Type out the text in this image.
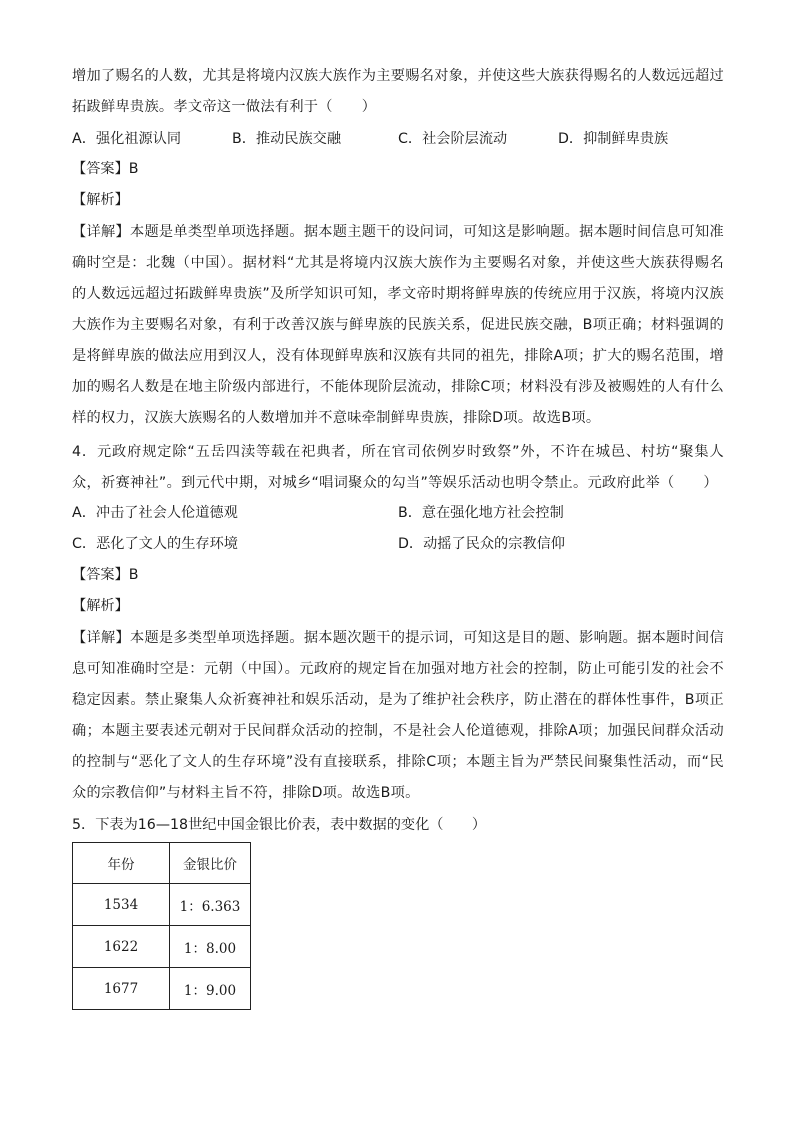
增加了赐名的人数，尤其是将境内汉族大族作为主要赐名对象，并使这些大族获得赐名的人数远远超过拓跋鲜卑贵族。孝文帝这一做法有利于（　　）

A．强化祖源认同	B．推动民族交融	C．社会阶层流动	D．抑制鲜卑贵族
【答案】B
【解析】

【详解】本题是单类型单项选择题。据本题主题干的设问词，可知这是影响题。据本题时间信息可知准确时空是：北魏（中国）。据材料“尤其是将境内汉族大族作为主要赐名对象，并使这些大族获得赐名的人数远远超过拓跋鲜卑贵族”及所学知识可知，孝文帝时期将鲜卑族的传统应用于汉族，将境内汉族大族作为主要赐名对象，有利于改善汉族与鲜卑族的民族关系，促进民族交融，B项正确；材料强调的是将鲜卑族的做法应用到汉人，没有体现鲜卑族和汉族有共同的祖先，排除A项；扩大的赐名范围，增加的赐名人数是在地主阶级内部进行，不能体现阶层流动，排除C项；材料没有涉及被赐姓的人有什么样的权力，汉族大族赐名的人数增加并不意味牵制鲜卑贵族，排除D项。故选B项。

4．元政府规定除“五岳四渎等载在祀典者，所在官司依例岁时致祭”外，不许在城邑、村坊“聚集人众，祈赛神社”。到元代中期，对城乡“唱词聚众的勾当”等娱乐活动也明令禁止。元政府此举（　　）

A．冲击了社会人伦道德观	B．意在强化地方社会控制
C．恶化了文人的生存环境	D．动摇了民众的宗教信仰
【答案】B
【解析】

【详解】本题是多类型单项选择题。据本题次题干的提示词，可知这是目的题、影响题。据本题时间信息可知准确时空是：元朝（中国）。元政府的规定旨在加强对地方社会的控制，防止可能引发的社会不稳定因素。禁止聚集人众祈赛神社和娱乐活动，是为了维护社会秩序，防止潜在的群体性事件，B项正确；本题主要表述元朝对于民间群众活动的控制，不是社会人伦道德观，排除A项；加强民间群众活动的控制与“恶化了文人的生存环境”没有直接联系，排除C项；本题主旨为严禁民间聚集性活动，而“民众的宗教信仰”与材料主旨不符，排除D项。故选B项。

5．下表为16—18世纪中国金银比价表，表中数据的变化（　　）
年份	金银比价
1534	1：6.363
1622	1：8.00
1677	1：9.00
